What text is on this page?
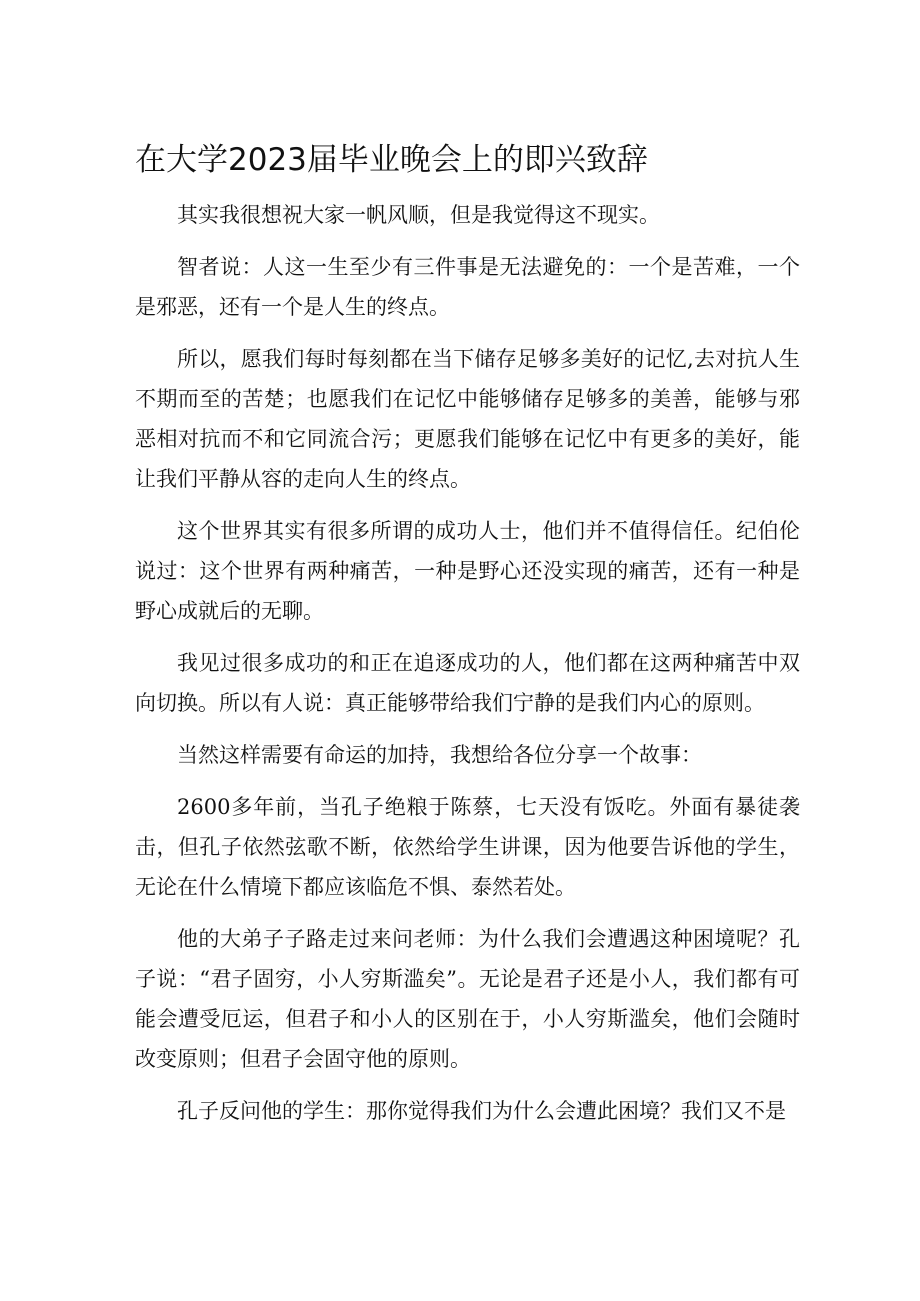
在大学2023届毕业晚会上的即兴致辞

其实我很想祝大家一帆风顺，但是我觉得这不现实。

智者说：人这一生至少有三件事是无法避免的：一个是苦难，一个是邪恶，还有一个是人生的终点。

所以，愿我们每时每刻都在当下储存足够多美好的记忆,去对抗人生不期而至的苦楚；也愿我们在记忆中能够储存足够多的美善，能够与邪恶相对抗而不和它同流合污；更愿我们能够在记忆中有更多的美好，能让我们平静从容的走向人生的终点。

这个世界其实有很多所谓的成功人士，他们并不值得信任。纪伯伦说过：这个世界有两种痛苦，一种是野心还没实现的痛苦，还有一种是野心成就后的无聊。

我见过很多成功的和正在追逐成功的人，他们都在这两种痛苦中双向切换。所以有人说：真正能够带给我们宁静的是我们内心的原则。

当然这样需要有命运的加持，我想给各位分享一个故事：

2600多年前，当孔子绝粮于陈蔡，七天没有饭吃。外面有暴徒袭击，但孔子依然弦歌不断，依然给学生讲课，因为他要告诉他的学生，无论在什么情境下都应该临危不惧、泰然若处。

他的大弟子子路走过来问老师：为什么我们会遭遇这种困境呢？孔子说：“君子固穷，小人穷斯滥矣”。无论是君子还是小人，我们都有可能会遭受厄运，但君子和小人的区别在于，小人穷斯滥矣，他们会随时改变原则；但君子会固守他的原则。

孔子反问他的学生：那你觉得我们为什么会遭此困境？我们又不是
